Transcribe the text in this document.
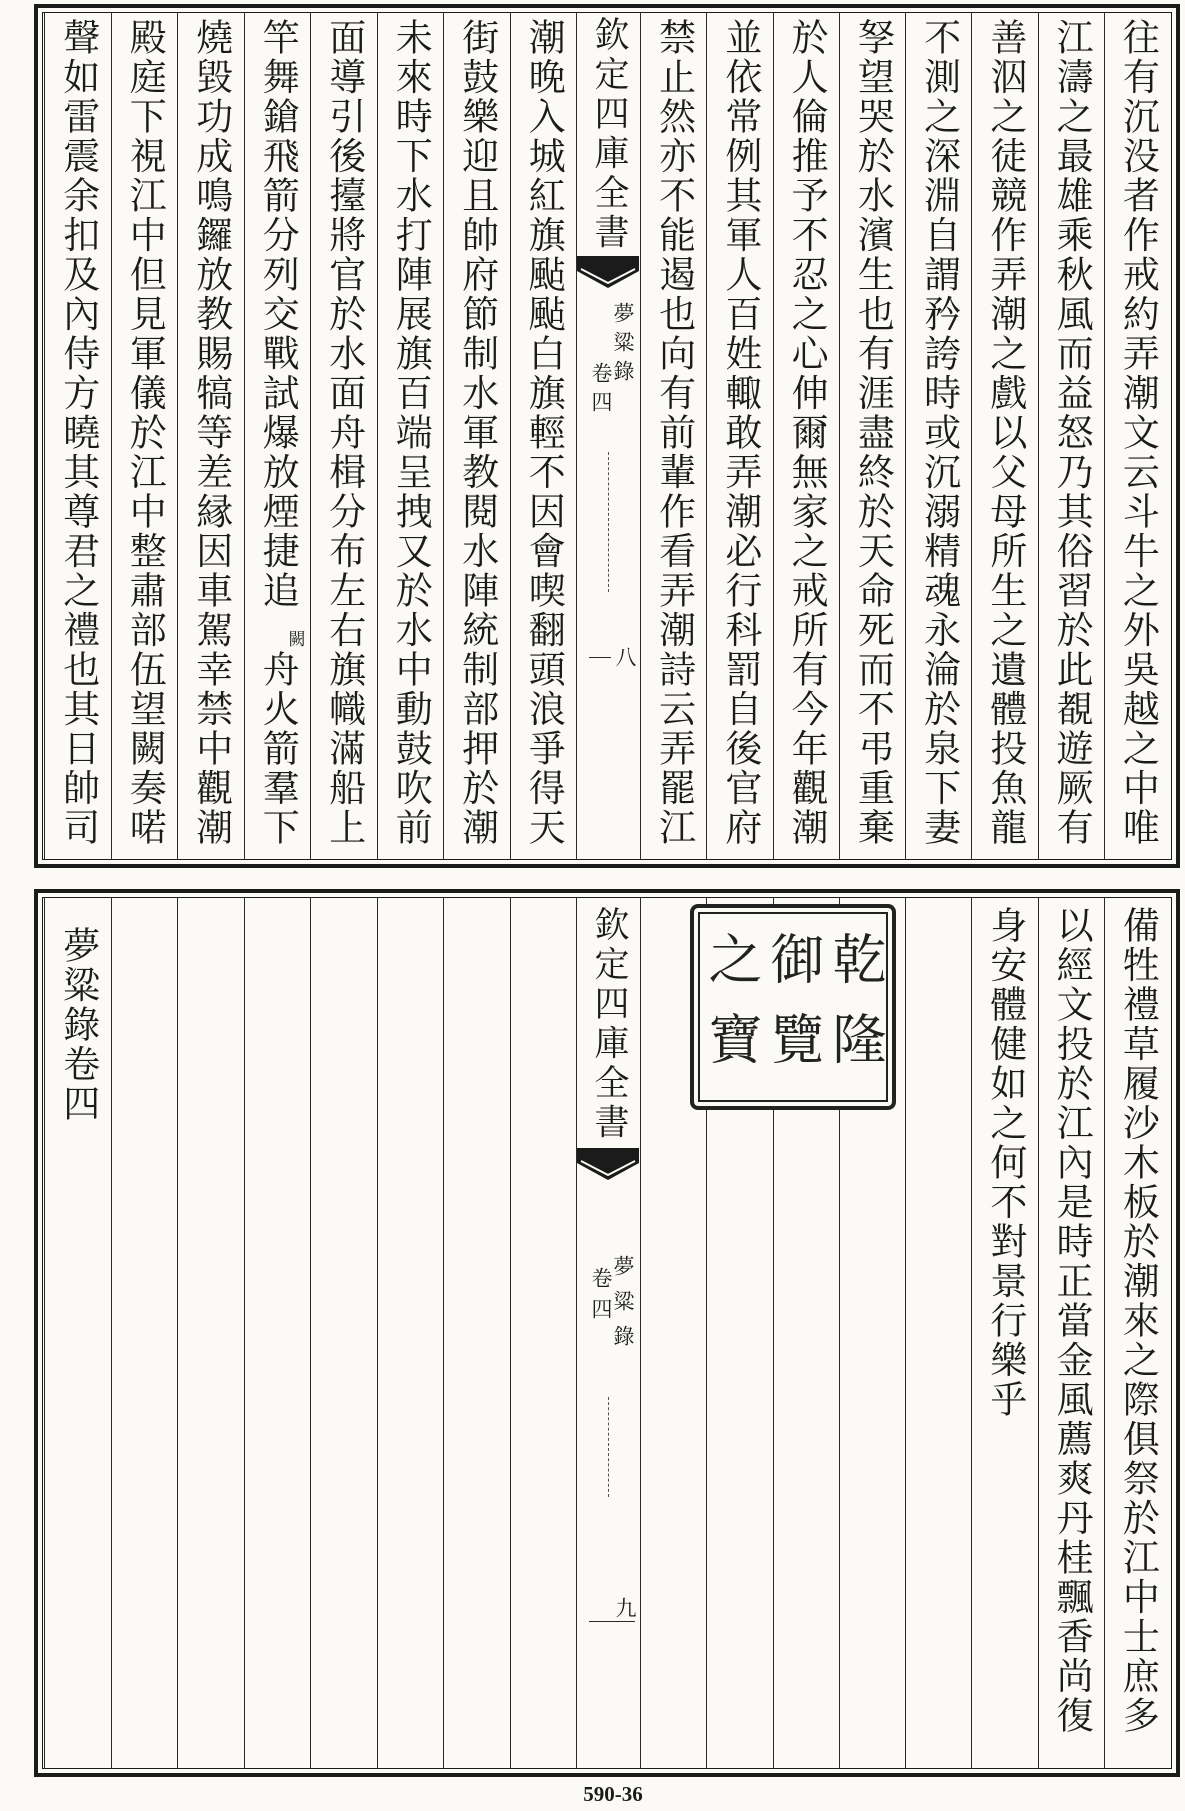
往有沉没者作戒約弄潮文云斗牛之外吳越之中唯
江濤之最雄乘秋風而益怒乃其俗習於此覩遊厥有
善泅之徒競作弄潮之戲以父母所生之遺體投魚龍
不測之深淵自謂矜誇時或沉溺精魂永淪於泉下妻
孥望哭於水濱生也有涯盡終於天命死而不弔重棄
於人倫推予不忍之心伸爾無家之戒所有今年觀潮
並依常例其軍人百姓輙敢弄潮必行科罰自後官府
禁止然亦不能遏也向有前輩作看弄潮詩云弄罷江
欽定四庫全書
夢粱錄
卷四
八
潮晚入城紅旗颭颭白旗輕不因會喫翻頭浪爭得天
街鼓樂迎且帥府節制水軍教閱水陣統制部押於潮
未來時下水打陣展旗百端呈拽又於水中動鼓吹前
面導引後擡將官於水面舟楫分布左右旗幟滿船上
竿舞鎗飛箭分列交戰試爆放煙捷追
闕
舟火箭羣下
燒毀功成鳴鑼放教賜犒等差縁因車駕幸禁中觀潮
殿庭下視江中但見軍儀於江中整肅部伍望闕奏喏
聲如雷震余扣及內侍方曉其尊君之禮也其日帥司
備牲禮草履沙木板於潮來之際俱祭於江中士庶多
以經文投於江內是時正當金風薦爽丹桂飄香尚復
身安體健如之何不對景行樂乎
欽定四庫全書
夢粱錄
卷四
九
夢粱錄卷四	乾隆
御覽
之寶
590-36
